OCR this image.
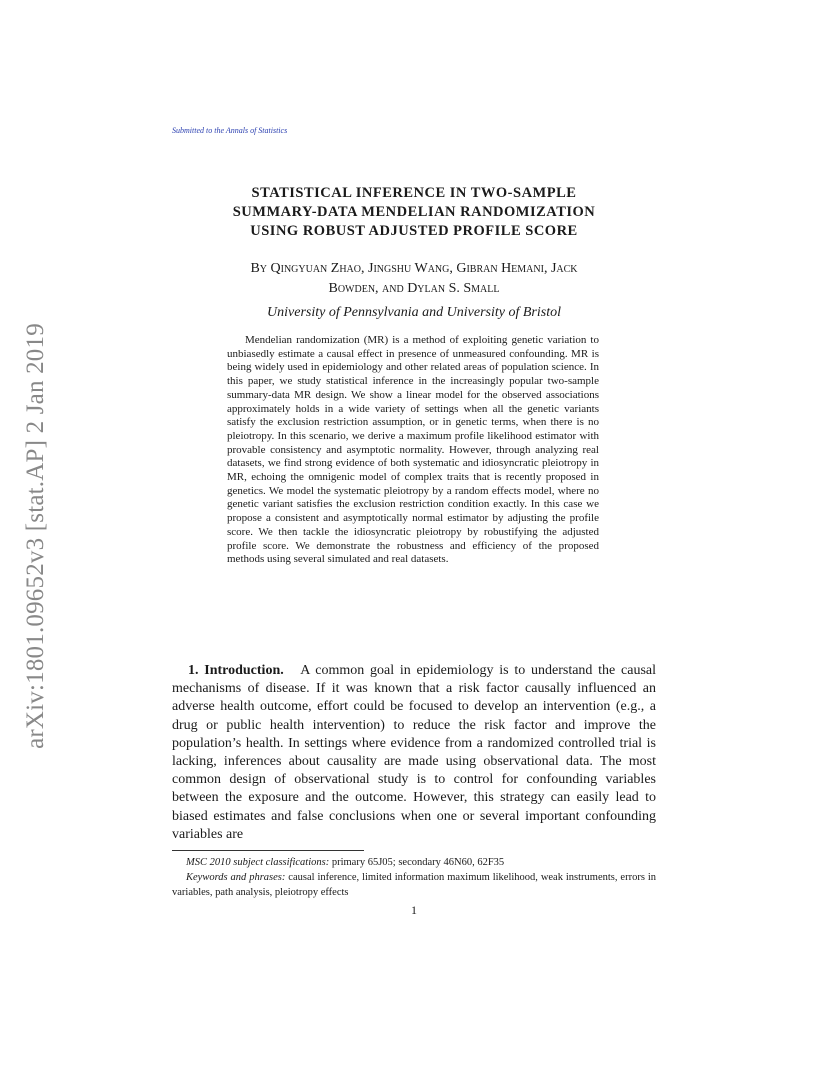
Submitted to the Annals of Statistics
arXiv:1801.09652v3 [stat.AP] 2 Jan 2019
STATISTICAL INFERENCE IN TWO-SAMPLE
SUMMARY-DATA MENDELIAN RANDOMIZATION
USING ROBUST ADJUSTED PROFILE SCORE
By Qingyuan Zhao, Jingshu Wang, Gibran Hemani, Jack
Bowden, and Dylan S. Small
University of Pennsylvania and University of Bristol
Mendelian randomization (MR) is a method of exploiting genetic variation to unbiasedly estimate a causal effect in presence of unmeasured confounding. MR is being widely used in epidemiology and other related areas of population science. In this paper, we study statistical inference in the increasingly popular two-sample summary-data MR design. We show a linear model for the observed associations approximately holds in a wide variety of settings when all the genetic variants satisfy the exclusion restriction assumption, or in genetic terms, when there is no pleiotropy. In this scenario, we derive a maximum profile likelihood estimator with provable consistency and asymptotic normality. However, through analyzing real datasets, we find strong evidence of both systematic and idiosyncratic pleiotropy in MR, echoing the omnigenic model of complex traits that is recently proposed in genetics. We model the systematic pleiotropy by a random effects model, where no genetic variant satisfies the exclusion restriction condition exactly. In this case we propose a consistent and asymptotically normal estimator by adjusting the profile score. We then tackle the idiosyncratic pleiotropy by robustifying the adjusted profile score. We demonstrate the robustness and efficiency of the proposed methods using several simulated and real datasets.
1. Introduction. A common goal in epidemiology is to understand the causal mechanisms of disease. If it was known that a risk factor causally influenced an adverse health outcome, effort could be focused to develop an intervention (e.g., a drug or public health intervention) to reduce the risk factor and improve the population’s health. In settings where evidence from a randomized controlled trial is lacking, inferences about causality are made using observational data. The most common design of observational study is to control for confounding variables between the exposure and the outcome. However, this strategy can easily lead to biased estimates and false conclusions when one or several important confounding variables are
MSC 2010 subject classifications: primary 65J05; secondary 46N60, 62F35
Keywords and phrases: causal inference, limited information maximum likelihood, weak instruments, errors in variables, path analysis, pleiotropy effects
1
